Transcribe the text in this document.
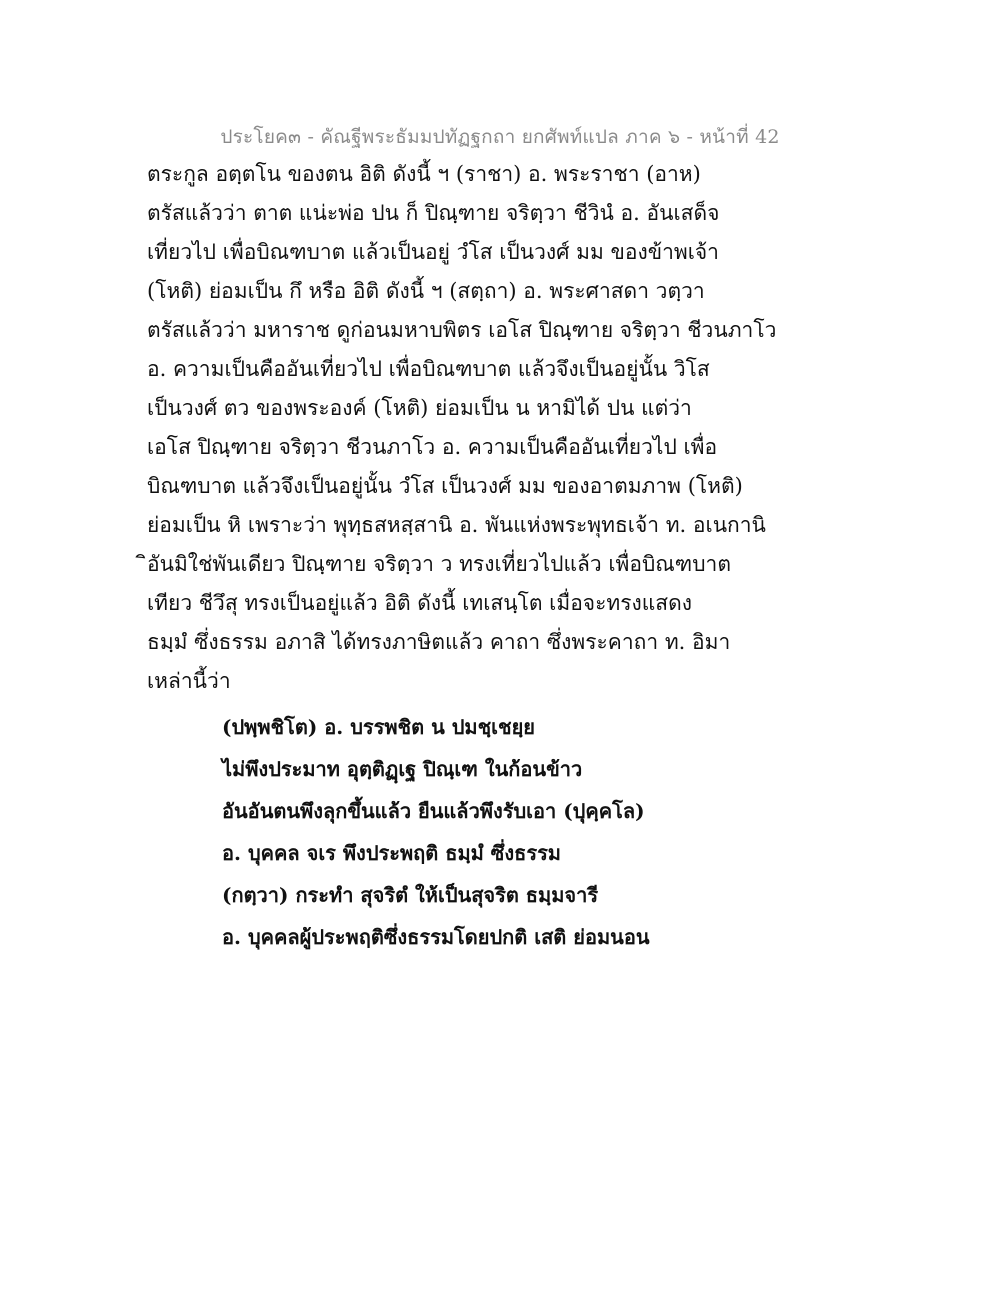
ประโยค๓ - คัณฐีพระธัมมปทัฏฐกถา ยกศัพท์แปล ภาค ๖ - หน้าที่ 42
ตระกูล อตฺตโน ของตน อิติ ดังนี้ ฯ (ราชา) อ. พระราชา (อาห)
ตรัสแล้วว่า ตาต แน่ะพ่อ ปน ก็ ปิณฺฑาย จริตฺวา ชีวินํ อ. อันเสด็จ
เที่ยวไป เพื่อบิณฑบาต แล้วเป็นอยู่ วํโส เป็นวงศ์ มม ของข้าพเจ้า
(โหติ) ย่อมเป็น กึ หรือ อิติ ดังนี้ ฯ (สตฺถา) อ. พระศาสดา วตฺวา
ตรัสแล้วว่า มหาราช ดูก่อนมหาบพิตร เอโส ปิณฺฑาย จริตฺวา ชีวนภาโว
อ. ความเป็นคืออันเที่ยวไป เพื่อบิณฑบาต แล้วจึงเป็นอยู่นั้น วิโส
เป็นวงศ์ ตว ของพระองค์ (โหติ) ย่อมเป็น น หามิได้ ปน แต่ว่า
เอโส ปิณฺฑาย จริตฺวา ชีวนภาโว อ. ความเป็นคืออันเที่ยวไป เพื่อ
บิณฑบาต แล้วจึงเป็นอยู่นั้น วํโส เป็นวงศ์ มม ของอาตมภาพ (โหติ)
ย่อมเป็น หิ เพราะว่า พุทฺธสหสฺสานิ อ. พันแห่งพระพุทธเจ้า ท. อเนกานิ
ิอันมิใช่พันเดียว ปิณฺฑาย จริตฺวา ว ทรงเที่ยวไปแล้ว เพื่อบิณฑบาต
เทียว ชีวึสุ ทรงเป็นอยู่แล้ว อิติ ดังนี้ เทเสนฺโต เมื่อจะทรงแสดง
ธมฺมํ ซึ่งธรรม อภาสิ ได้ทรงภาษิตแล้ว คาถา ซึ่งพระคาถา ท. อิมา
เหล่านี้ว่า
(ปพฺพชิโต) อ. บรรพชิต น ปมชฺเชยฺย
ไม่พึงประมาท อุตฺติฏฺเฐ ปิณฺเฑ ในก้อนข้าว
อันอันตนพึงลุกขึ้นแล้ว ยืนแล้วพึงรับเอา (ปุคฺคโล)
อ. บุคคล จเร พึงประพฤติ ธมฺมํ ซึ่งธรรม
(กตฺวา) กระทำ สุจริตํ ให้เป็นสุจริต ธมฺมจารี
อ. บุคคลผู้ประพฤติซึ่งธรรมโดยปกติ เสติ ย่อมนอน
